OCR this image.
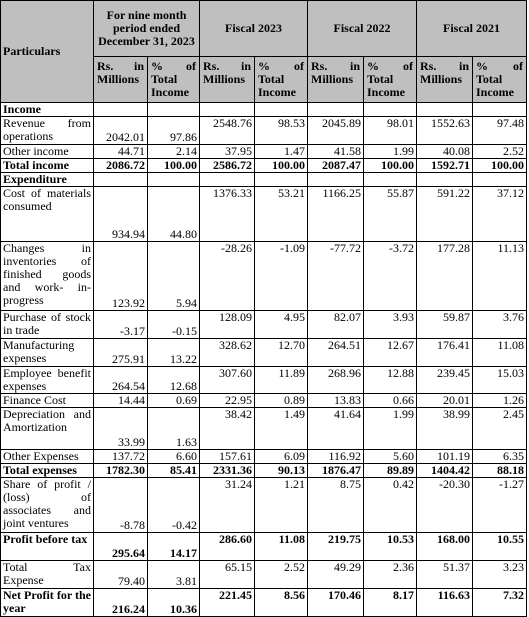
Particulars	For nine month period ended December 31, 2023		Fiscal 2023		Fiscal 2022		Fiscal 2021	
	Rs. in Millions	% of Total Income	Rs. in Millions	% of Total Income	Rs. in Millions	% of Total Income	Rs. in Millions	% of Total Income
Income								
Revenue from operations	2042.01	97.86	2548.76	98.53	2045.89	98.01	1552.63	97.48
Other income	44.71	2.14	37.95	1.47	41.58	1.99	40.08	2.52
Total income	2086.72	100.00	2586.72	100.00	2087.47	100.00	1592.71	100.00
Expenditure								
Cost of materials consumed	934.94	44.80	1376.33	53.21	1166.25	55.87	591.22	37.12
Changes in inventories of finished goods and work- in-progress	123.92	5.94	-28.26	-1.09	-77.72	-3.72	177.28	11.13
Purchase of stock in trade	-3.17	-0.15	128.09	4.95	82.07	3.93	59.87	3.76
Manufacturing expenses	275.91	13.22	328.62	12.70	264.51	12.67	176.41	11.08
Employee benefit expenses	264.54	12.68	307.60	11.89	268.96	12.88	239.45	15.03
Finance Cost	14.44	0.69	22.95	0.89	13.83	0.66	20.01	1.26
Depreciation and Amortization	33.99	1.63	38.42	1.49	41.64	1.99	38.99	2.45
Other Expenses	137.72	6.60	157.61	6.09	116.92	5.60	101.19	6.35
Total expenses	1782.30	85.41	2331.36	90.13	1876.47	89.89	1404.42	88.18
Share of profit / (loss) of associates and joint ventures	-8.78	-0.42	31.24	1.21	8.75	0.42	-20.30	-1.27
Profit before tax	295.64	14.17	286.60	11.08	219.75	10.53	168.00	10.55
Total Tax Expense	79.40	3.81	65.15	2.52	49.29	2.36	51.37	3.23
Net Profit for the year	216.24	10.36	221.45	8.56	170.46	8.17	116.63	7.32
